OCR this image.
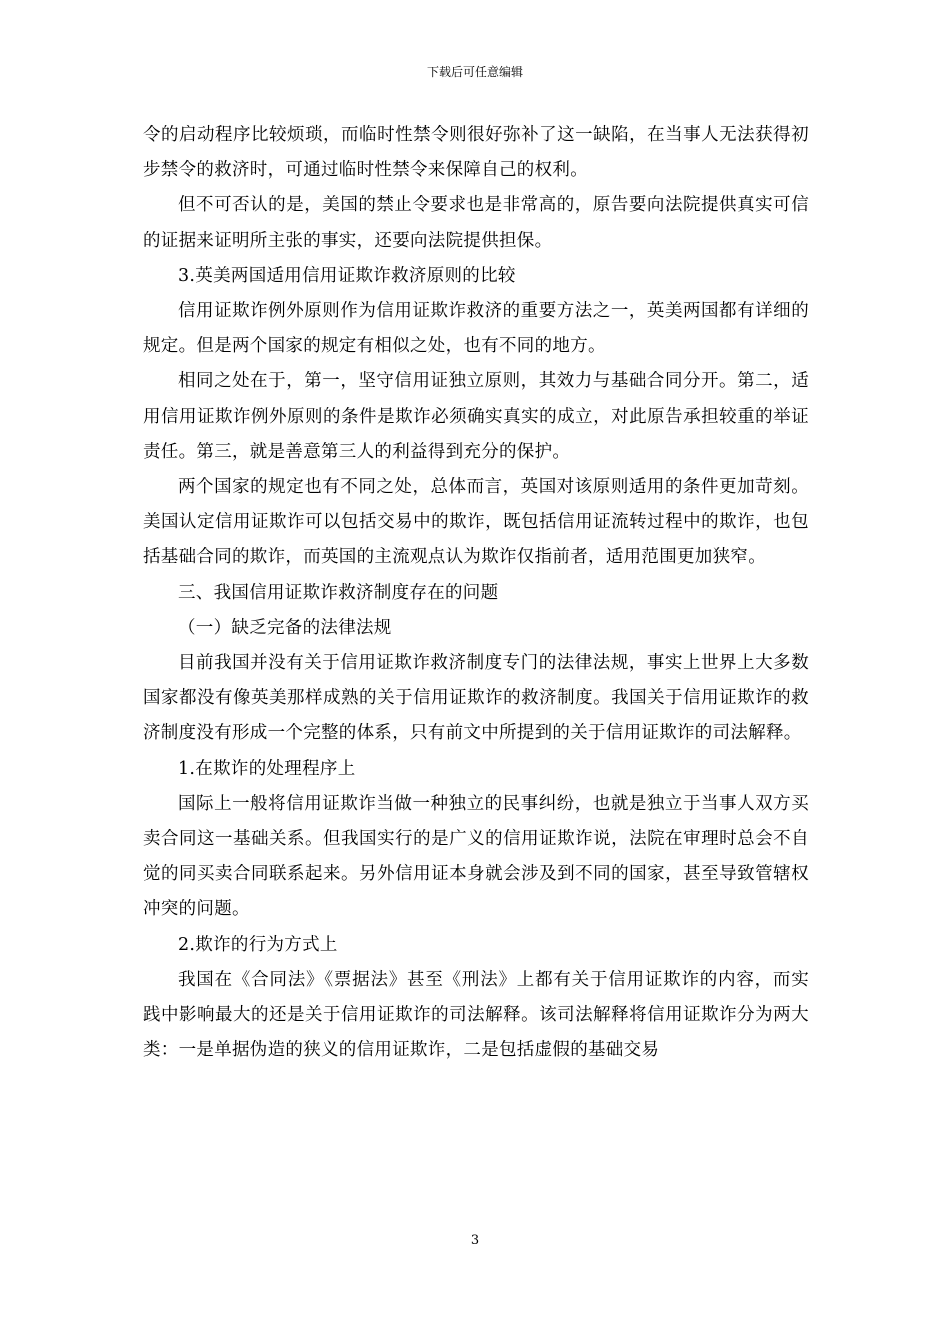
下载后可任意编辑

令的启动程序比较烦琐，而临时性禁令则很好弥补了这一缺陷，在当事人无法获得初步禁令的救济时，可通过临时性禁令来保障自己的权利。

但不可否认的是，美国的禁止令要求也是非常高的，原告要向法院提供真实可信的证据来证明所主张的事实，还要向法院提供担保。

3.英美两国适用信用证欺诈救济原则的比较

信用证欺诈例外原则作为信用证欺诈救济的重要方法之一，英美两国都有详细的规定。但是两个国家的规定有相似之处，也有不同的地方。

相同之处在于，第一，坚守信用证独立原则，其效力与基础合同分开。第二，适用信用证欺诈例外原则的条件是欺诈必须确实真实的成立，对此原告承担较重的举证责任。第三，就是善意第三人的利益得到充分的保护。

两个国家的规定也有不同之处，总体而言，英国对该原则适用的条件更加苛刻。美国认定信用证欺诈可以包括交易中的欺诈，既包括信用证流转过程中的欺诈，也包括基础合同的欺诈，而英国的主流观点认为欺诈仅指前者，适用范围更加狭窄。

三、我国信用证欺诈救济制度存在的问题

（一）缺乏完备的法律法规

目前我国并没有关于信用证欺诈救济制度专门的法律法规，事实上世界上大多数国家都没有像英美那样成熟的关于信用证欺诈的救济制度。我国关于信用证欺诈的救济制度没有形成一个完整的体系，只有前文中所提到的关于信用证欺诈的司法解释。

1.在欺诈的处理程序上

国际上一般将信用证欺诈当做一种独立的民事纠纷，也就是独立于当事人双方买卖合同这一基础关系。但我国实行的是广义的信用证欺诈说，法院在审理时总会不自觉的同买卖合同联系起来。另外信用证本身就会涉及到不同的国家，甚至导致管辖权冲突的问题。

2.欺诈的行为方式上

我国在《合同法》《票据法》甚至《刑法》上都有关于信用证欺诈的内容，而实践中影响最大的还是关于信用证欺诈的司法解释。该司法解释将信用证欺诈分为两大类：一是单据伪造的狭义的信用证欺诈，二是包括虚假的基础交易

3
